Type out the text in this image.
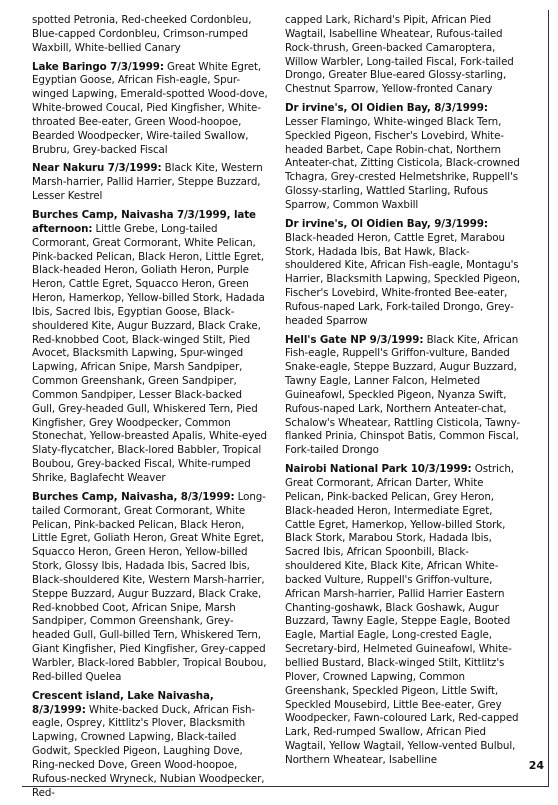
spotted Petronia, Red-cheeked Cordonbleu, Blue-capped Cordonbleu, Crimson-rumped Waxbill, White-bellied Canary

Lake Baringo 7/3/1999: Great White Egret, Egyptian Goose, African Fish-eagle, Spur-winged Lapwing, Emerald-spotted Wood-dove, White-browed Coucal, Pied Kingfisher, White-throated Bee-eater, Green Wood-hoopoe, Bearded Woodpecker, Wire-tailed Swallow, Brubru, Grey-backed Fiscal

Near Nakuru 7/3/1999: Black Kite, Western Marsh-harrier, Pallid Harrier, Steppe Buzzard, Lesser Kestrel

Burches Camp, Naivasha 7/3/1999, late afternoon: Little Grebe, Long-tailed Cormorant, Great Cormorant, White Pelican, Pink-backed Pelican, Black Heron, Little Egret, Black-headed Heron, Goliath Heron, Purple Heron, Cattle Egret, Squacco Heron, Green Heron, Hamerkop, Yellow-billed Stork, Hadada Ibis, Sacred Ibis, Egyptian Goose, Black-shouldered Kite, Augur Buzzard, Black Crake, Red-knobbed Coot, Black-winged Stilt, Pied Avocet, Blacksmith Lapwing, Spur-winged Lapwing, African Snipe, Marsh Sandpiper, Common Greenshank, Green Sandpiper, Common Sandpiper, Lesser Black-backed Gull, Grey-headed Gull, Whiskered Tern, Pied Kingfisher, Grey Woodpecker, Common Stonechat, Yellow-breasted Apalis, White-eyed Slaty-flycatcher, Black-lored Babbler, Tropical Boubou, Grey-backed Fiscal, White-rumped Shrike, Baglafecht Weaver

Burches Camp, Naivasha, 8/3/1999: Long-tailed Cormorant, Great Cormorant, White Pelican, Pink-backed Pelican, Black Heron, Little Egret, Goliath Heron, Great White Egret, Squacco Heron, Green Heron, Yellow-billed Stork, Glossy Ibis, Hadada Ibis, Sacred Ibis, Black-shouldered Kite, Western Marsh-harrier, Steppe Buzzard, Augur Buzzard, Black Crake, Red-knobbed Coot, African Snipe, Marsh Sandpiper, Common Greenshank, Grey-headed Gull, Gull-billed Tern, Whiskered Tern, Giant Kingfisher, Pied Kingfisher, Grey-capped Warbler, Black-lored Babbler, Tropical Boubou, Red-billed Quelea

Crescent island, Lake Naivasha, 8/3/1999: White-backed Duck, African Fish-eagle, Osprey, Kittlitz's Plover, Blacksmith Lapwing, Crowned Lapwing, Black-tailed Godwit, Speckled Pigeon, Laughing Dove, Ring-necked Dove, Green Wood-hoopoe, Rufous-necked Wryneck, Nubian Woodpecker, Red-

capped Lark, Richard's Pipit, African Pied Wagtail, Isabelline Wheatear, Rufous-tailed Rock-thrush, Green-backed Camaroptera, Willow Warbler, Long-tailed Fiscal, Fork-tailed Drongo, Greater Blue-eared Glossy-starling, Chestnut Sparrow, Yellow-fronted Canary

Dr irvine's, Ol Oidien Bay, 8/3/1999: Lesser Flamingo, White-winged Black Tern, Speckled Pigeon, Fischer's Lovebird, White-headed Barbet, Cape Robin-chat, Northern Anteater-chat, Zitting Cisticola, Black-crowned Tchagra, Grey-crested Helmetshrike, Ruppell's Glossy-starling, Wattled Starling, Rufous Sparrow, Common Waxbill

Dr irvine's, Ol Oidien Bay, 9/3/1999: Black-headed Heron, Cattle Egret, Marabou Stork, Hadada Ibis, Bat Hawk, Black-shouldered Kite, African Fish-eagle, Montagu's Harrier, Blacksmith Lapwing, Speckled Pigeon, Fischer's Lovebird, White-fronted Bee-eater, Rufous-naped Lark, Fork-tailed Drongo, Grey-headed Sparrow

Hell's Gate NP 9/3/1999: Black Kite, African Fish-eagle, Ruppell's Griffon-vulture, Banded Snake-eagle, Steppe Buzzard, Augur Buzzard, Tawny Eagle, Lanner Falcon, Helmeted Guineafowl, Speckled Pigeon, Nyanza Swift, Rufous-naped Lark, Northern Anteater-chat, Schalow's Wheatear, Rattling Cisticola, Tawny-flanked Prinia, Chinspot Batis, Common Fiscal, Fork-tailed Drongo

Nairobi National Park 10/3/1999: Ostrich, Great Cormorant, African Darter, White Pelican, Pink-backed Pelican, Grey Heron, Black-headed Heron, Intermediate Egret, Cattle Egret, Hamerkop, Yellow-billed Stork, Black Stork, Marabou Stork, Hadada Ibis, Sacred Ibis, African Spoonbill, Black-shouldered Kite, Black Kite, African White-backed Vulture, Ruppell's Griffon-vulture, African Marsh-harrier, Pallid Harrier Eastern Chanting-goshawk, Black Goshawk, Augur Buzzard, Tawny Eagle, Steppe Eagle, Booted Eagle, Martial Eagle, Long-crested Eagle, Secretary-bird, Helmeted Guineafowl, White-bellied Bustard, Black-winged Stilt, Kittlitz's Plover, Crowned Lapwing, Common Greenshank, Speckled Pigeon, Little Swift, Speckled Mousebird, Little Bee-eater, Grey Woodpecker, Fawn-coloured Lark, Red-capped Lark, Red-rumped Swallow, African Pied Wagtail, Yellow Wagtail, Yellow-vented Bulbul, Northern Wheatear, Isabelline	24
